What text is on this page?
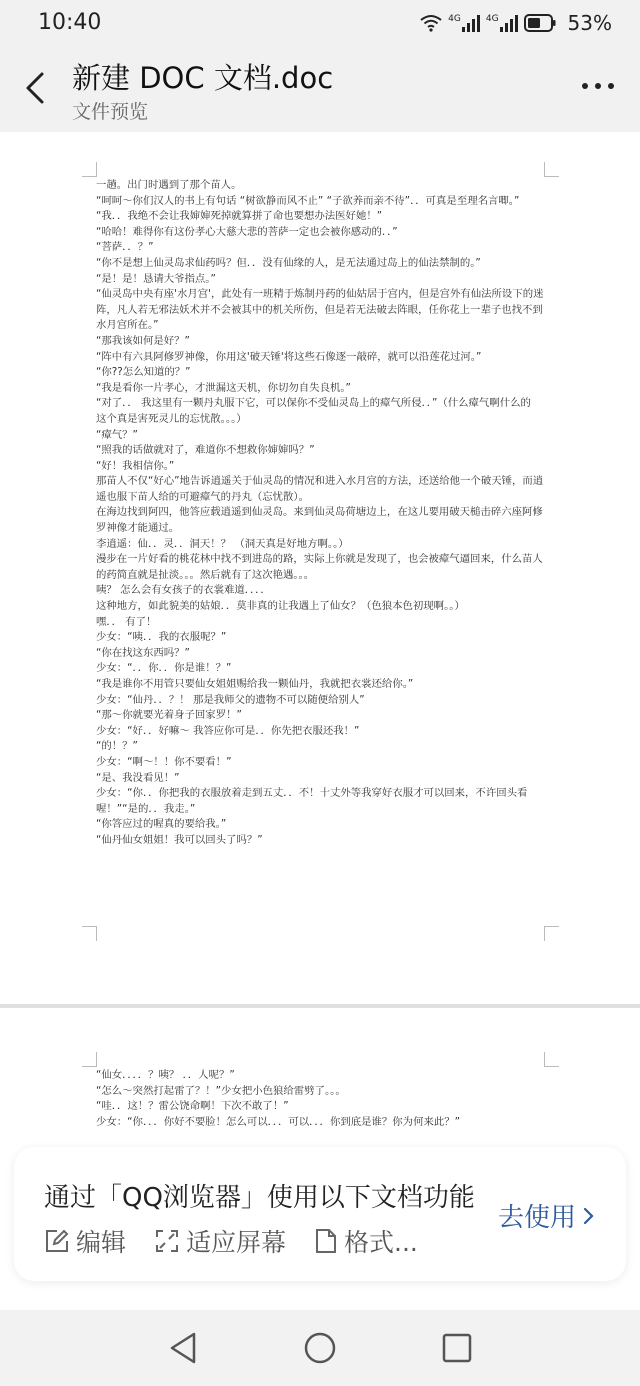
10:40	4G	4G	53%
新建 DOC 文档.doc
文件预览
一趟。出门时遇到了那个苗人。
“呵呵～你们汉人的书上有句话 “树欲静而风不止” “子欲养而亲不待”．．可真是至理名言唧。”
“我．．我绝不会让我婶婶死掉就算拼了命也要想办法医好她！”
“哈哈！难得你有这份孝心大慈大悲的菩萨一定也会被你感动的．．”
“菩萨．．？”
“你不是想上仙灵岛求仙药吗？但．．没有仙缘的人，是无法通过岛上的仙法禁制的。”
“是！是！恳请大爷指点。”
“仙灵岛中央有座'水月宫'，此处有一班精于炼制丹药的仙姑居于宫内，但是宫外有仙法所设下的迷阵，凡人若无邪法妖术并不会被其中的机关所伤，但是若无法破去阵眼，任你花上一辈子也找不到水月宫所在。”
“那我该如何是好？”
“阵中有六具阿修罗神像，你用这'破天锤'将这些石像逐一敲碎，就可以沿莲花过河。”
“你??怎么知道的？”
“我是看你一片孝心，才泄漏这天机，你切勿自失良机。”
“对了．． 我这里有一颗丹丸服下它，可以保你不受仙灵岛上的瘴气所侵．．”（什么瘴气啊什么的 这个真是害死灵儿的忘忧散。。。）
“瘴气？”
“照我的话做就对了，难道你不想救你婶婶吗？”
“好！我相信你。”
那苗人不仅“好心”地告诉逍遥关于仙灵岛的情况和进入水月宫的方法，还送给他一个破天锤，而逍遥也服下苗人给的可避瘴气的丹丸（忘忧散）。
在海边找到阿四，他答应载逍遥到仙灵岛。来到仙灵岛荷塘边上，在这儿要用破天槌击碎六座阿修罗神像才能通过。
李逍遥：仙．．灵．．洞天！？ （洞天真是好地方啊。。）
漫步在一片好看的桃花林中找不到进岛的路，实际上你就是发现了，也会被瘴气逼回来，什么苗人的药简直就是扯淡。。。然后就有了这次艳遇。。。
咦？ 怎么会有女孩子的衣裳难道．．．．
这种地方，如此貌美的姑娘．．莫非真的让我遇上了仙女？（色狼本色初现啊。。）
嘿．． 有了！
少女：“咦．．我的衣服呢？”
“你在找这东西吗？”
少女：“．．你．．你是谁！？”
“我是谁你不用管只要仙女姐姐赐给我一颗仙丹，我就把衣裳还给你。”
少女：“仙丹．．？！ 那是我师父的遗物不可以随便给别人”
“那～你就要光着身子回家罗！”
少女：“好．．好嘛～ 我答应你可是．．你先把衣服还我！”
“的！？”
少女：“啊～！！你不要看！”
“是、我没看见！”
少女：“你．．你把我的衣服放着走到五丈．．不！十丈外等我穿好衣服才可以回来，不许回头看喔！”“是的．．我走。”
“你答应过的喔真的要给我。”
“仙丹仙女姐姐！我可以回头了吗？”
“仙女．．．．？咦？ ．．人呢？”
“怎么～突然打起雷了？！”少女把小色狼给雷劈了。。。
“哇．．这！？雷公饶命啊！下次不敢了！”
少女：“你．．．你好不要脸！怎么可以．．．可以．．．你到底是谁？你为何来此？”
通过「QQ浏览器」使用以下文档功能
去使用
编辑 适应屏幕 格式...
